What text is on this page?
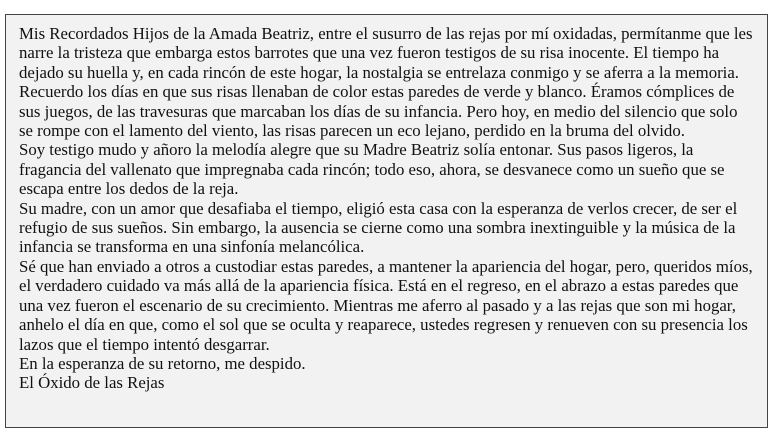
Mis Recordados Hijos de la Amada Beatriz, entre el susurro de las rejas por mí oxidadas, permítanme que les narre la tristeza que embarga estos barrotes que una vez fueron testigos de su risa inocente. El tiempo ha dejado su huella y, en cada rincón de este hogar, la nostalgia se entrelaza conmigo y se aferra a la memoria.

Recuerdo los días en que sus risas llenaban de color estas paredes de verde y blanco. Éramos cómplices de sus juegos, de las travesuras que marcaban los días de su infancia. Pero hoy, en medio del silencio que solo se rompe con el lamento del viento, las risas parecen un eco lejano, perdido en la bruma del olvido.

Soy testigo mudo y añoro la melodía alegre que su Madre Beatriz solía entonar. Sus pasos ligeros, la fragancia del vallenato que impregnaba cada rincón; todo eso, ahora, se desvanece como un sueño que se escapa entre los dedos de la reja.

Su madre, con un amor que desafiaba el tiempo, eligió esta casa con la esperanza de verlos crecer, de ser el refugio de sus sueños. Sin embargo, la ausencia se cierne como una sombra inextinguible y la música de la infancia se transforma en una sinfonía melancólica.

Sé que han enviado a otros a custodiar estas paredes, a mantener la apariencia del hogar, pero, queridos míos, el verdadero cuidado va más allá de la apariencia física. Está en el regreso, en el abrazo a estas paredes que una vez fueron el escenario de su crecimiento. Mientras me aferro al pasado y a las rejas que son mi hogar, anhelo el día en que, como el sol que se oculta y reaparece, ustedes regresen y renueven con su presencia los lazos que el tiempo intentó desgarrar.

En la esperanza de su retorno, me despido.

El Óxido de las Rejas
